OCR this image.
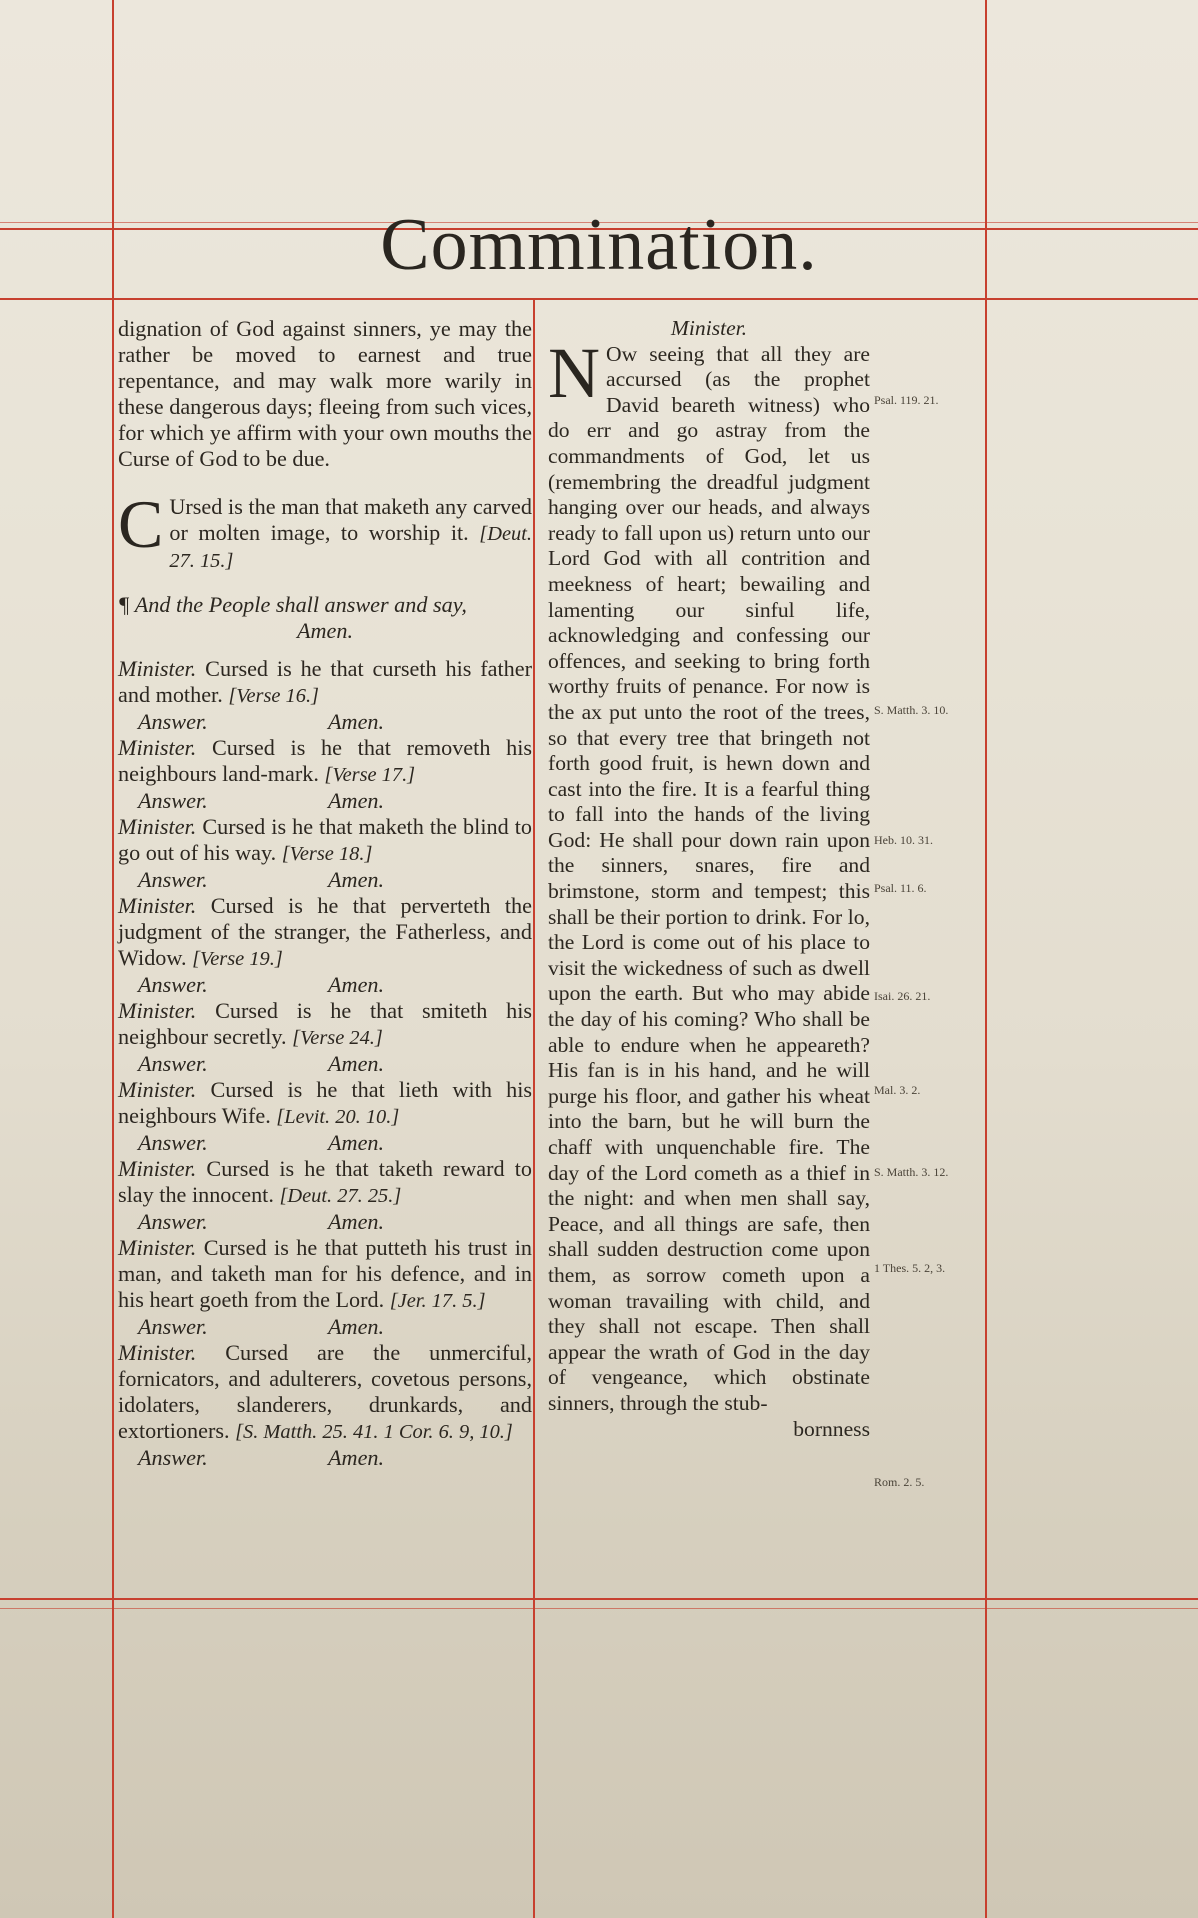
Commination.

dignation of God against sinners, ye may the rather be moved to earnest and true repentance, and may walk more warily in these dangerous days; fleeing from such vices, for which ye affirm with your own mouths the Curse of God to be due.

C Ursed is the man that maketh any carved or molten image, to worship it. [Deut. 27. 15.]

¶ And the People shall answer and say,

Amen.

Minister. Cursed is he that curseth his father and mother. [Verse 16.]

Answer.	Amen.

Minister. Cursed is he that removeth his neighbours land-mark. [Verse 17.]

Answer.	Amen.

Minister. Cursed is he that maketh the blind to go out of his way. [Verse 18.]

Answer.	Amen.

Minister. Cursed is he that perverteth the judgment of the stranger, the Fatherless, and Widow. [Verse 19.]

Answer.	Amen.

Minister. Cursed is he that smiteth his neighbour secretly. [Verse 24.]

Answer.	Amen.

Minister. Cursed is he that lieth with his neighbours Wife. [Levit. 20. 10.]

Answer.	Amen.

Minister. Cursed is he that taketh reward to slay the innocent. [Deut. 27. 25.]

Answer.	Amen.

Minister. Cursed is he that putteth his trust in man, and taketh man for his defence, and in his heart goeth from the Lord. [Jer. 17. 5.]

Answer.	Amen.

Minister. Cursed are the unmerciful, fornicators, and adulterers, covetous persons, idolaters, slanderers, drunkards, and extortioners. [S. Matth. 25. 41. 1 Cor. 6. 9, 10.]

Answer.	Amen.

Minister.

N Ow seeing that all they are accursed (as the prophet David beareth witness) who do err and go astray from the commandments of God, let us (remembring the dreadful judgment hanging over our heads, and always ready to fall upon us) return unto our Lord God with all contrition and meekness of heart; bewailing and lamenting our sinful life, acknowledging and confessing our offences, and seeking to bring forth worthy fruits of penance. For now is the ax put unto the root of the trees, so that every tree that bringeth not forth good fruit, is hewn down and cast into the fire. It is a fearful thing to fall into the hands of the living God: He shall pour down rain upon the sinners, snares, fire and brimstone, storm and tempest; this shall be their portion to drink. For lo, the Lord is come out of his place to visit the wickedness of such as dwell upon the earth. But who may abide the day of his coming? Who shall be able to endure when he appeareth? His fan is in his hand, and he will purge his floor, and gather his wheat into the barn, but he will burn the chaff with unquenchable fire. The day of the Lord cometh as a thief in the night: and when men shall say, Peace, and all things are safe, then shall sudden destruction come upon them, as sorrow cometh upon a woman travailing with child, and they shall not escape. Then shall appear the wrath of God in the day of vengeance, which obstinate sinners, through the stub-

bornness

Psal. 119. 21.
S. Matth. 3. 10.
Heb. 10. 31.
Psal. 11. 6.
Isai. 26. 21.
Mal. 3. 2.
S. Matth. 3. 12.
1 Thes. 5. 2, 3.
Rom. 2. 5.
